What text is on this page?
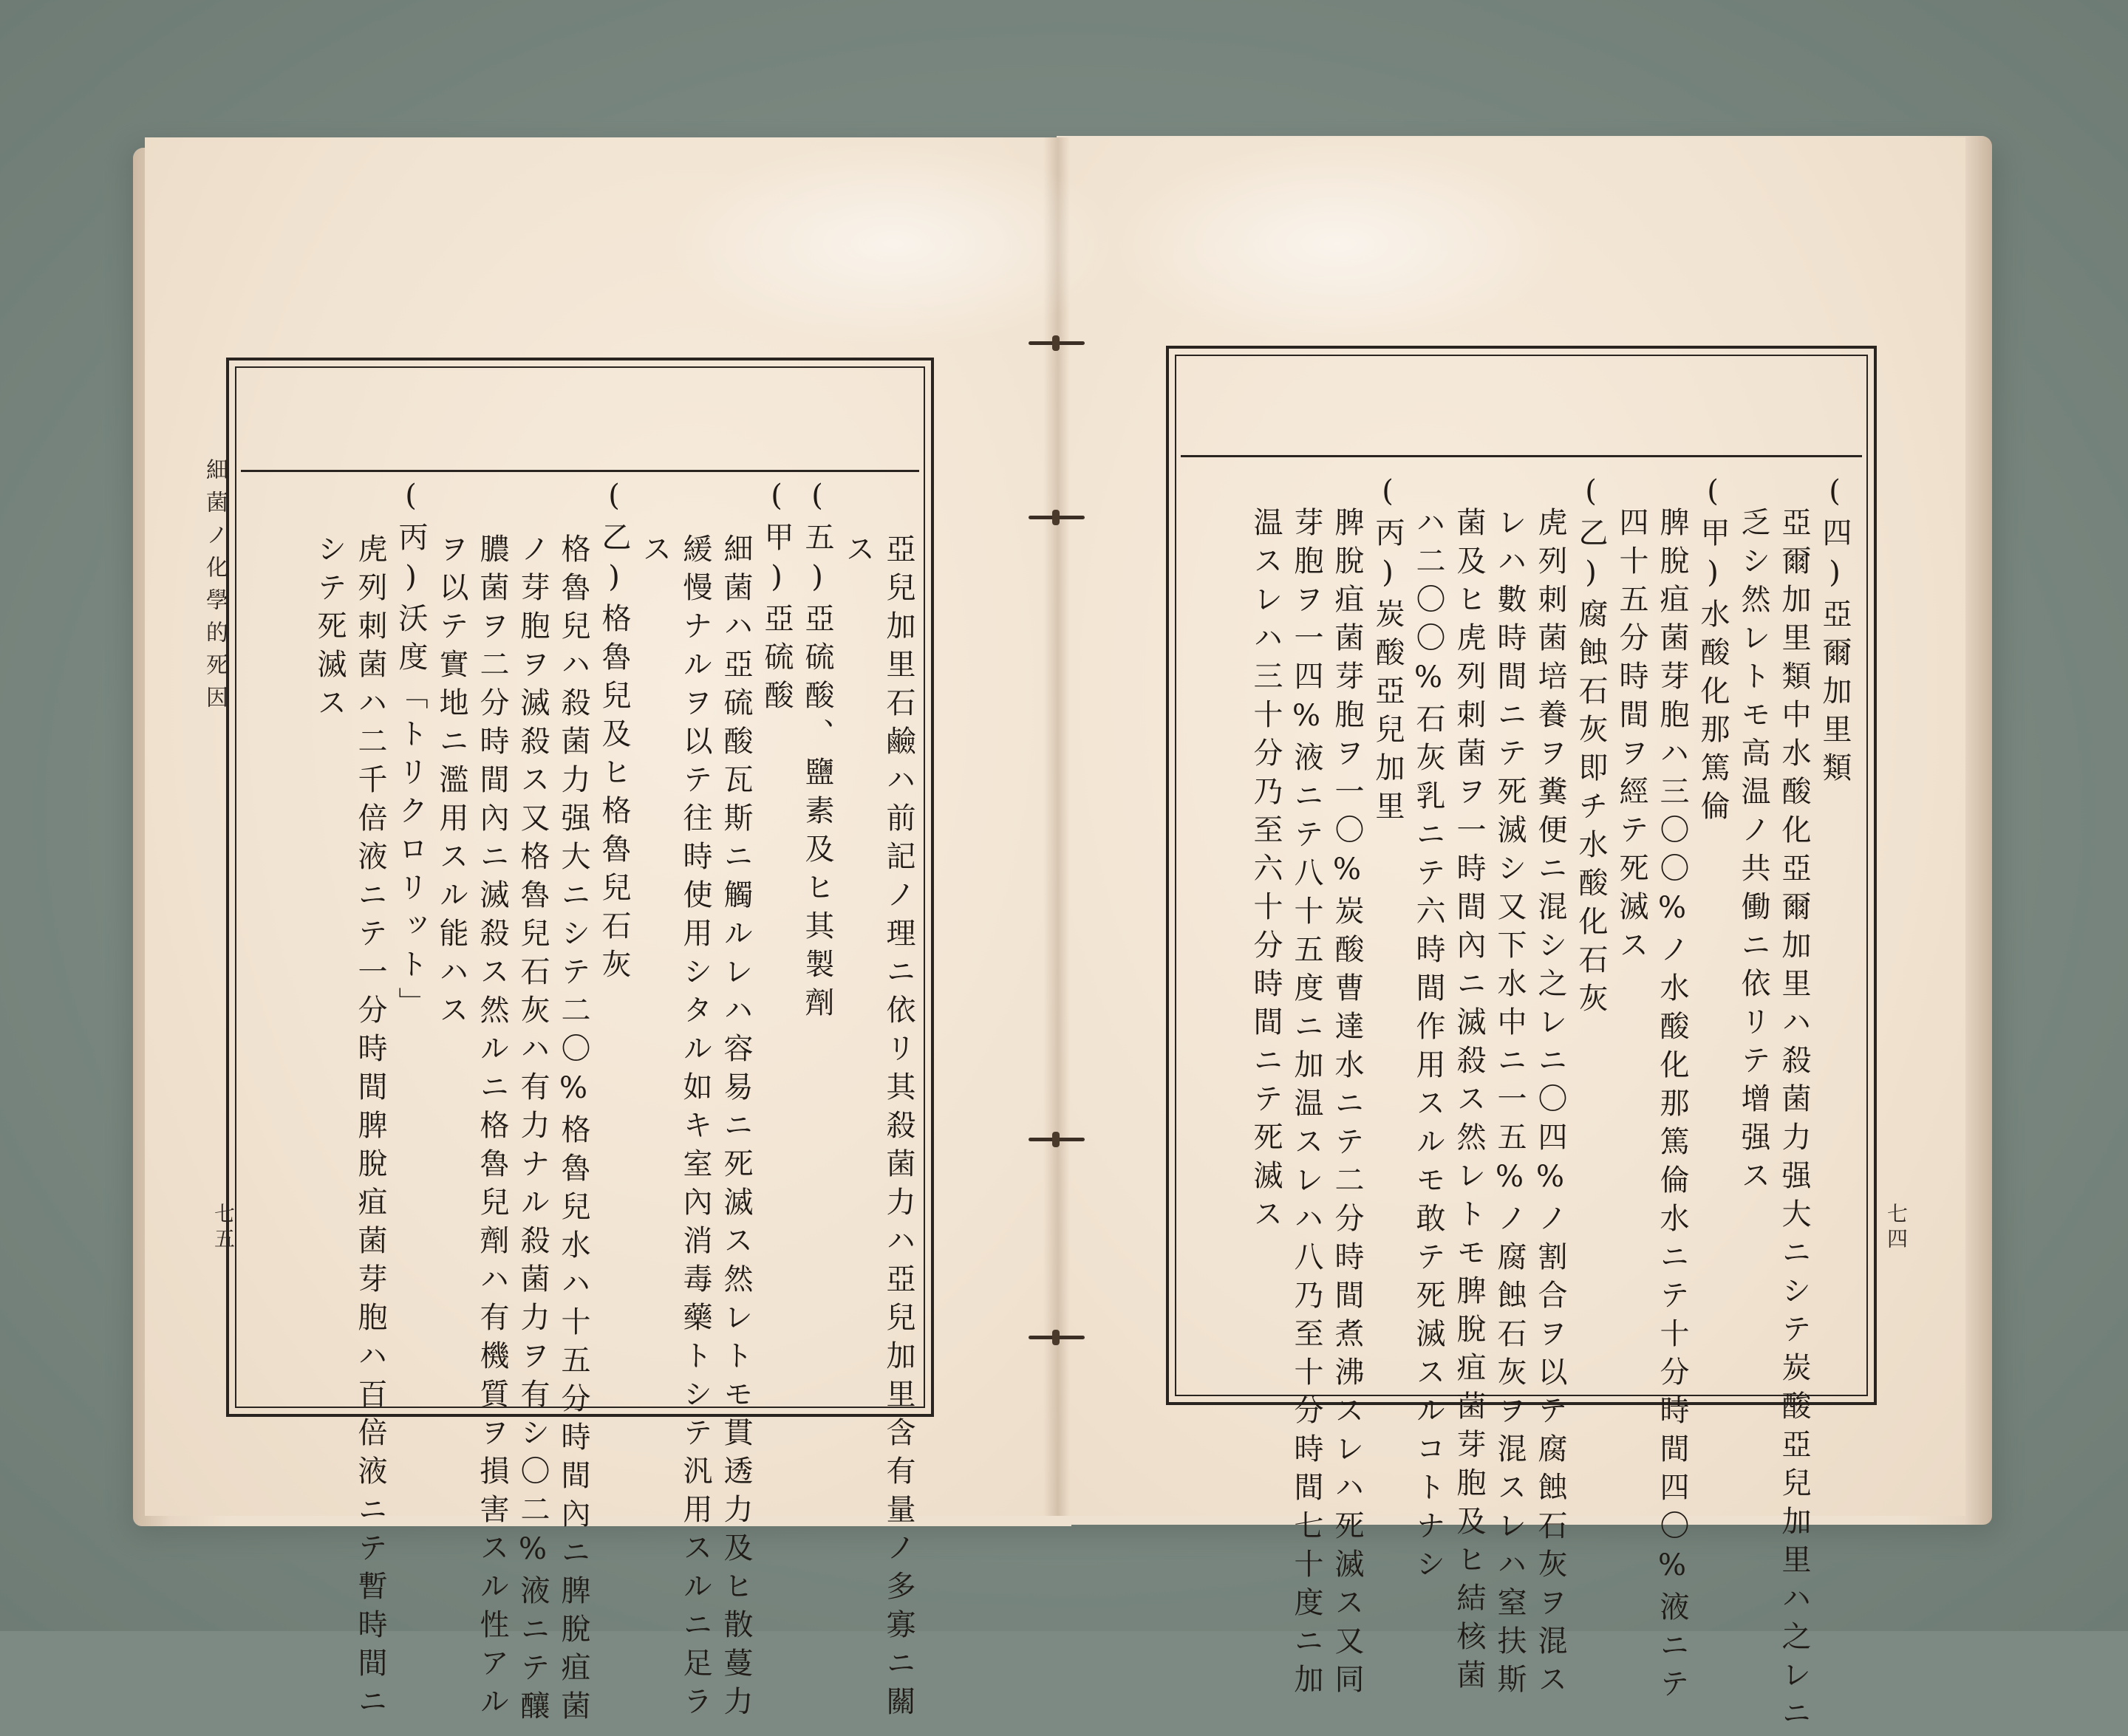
七四
(四)亞爾加里類
亞爾加里類中水酸化亞爾加里ハ殺菌力强大ニシテ炭酸亞兒加里ハ之レニ
乏シ然レトモ高温ノ共働ニ依リテ增强ス
(甲)水酸化那篤倫
脾脫疽菌芽胞ハ三〇〇%ノ水酸化那篤倫水ニテ十分時間四〇%液ニテ
四十五分時間ヲ經テ死滅ス
(乙)腐蝕石灰即チ水酸化石灰
虎列刺菌培養ヲ糞便ニ混シ之レニ〇四%ノ割合ヲ以テ腐蝕石灰ヲ混ス
レハ數時間ニテ死滅シ又下水中ニ一五%ノ腐蝕石灰ヲ混スレハ窒扶斯
菌及ヒ虎列刺菌ヲ一時間內ニ滅殺ス然レトモ脾脫疽菌芽胞及ヒ結核菌
ハ二〇〇%石灰乳ニテ六時間作用スルモ敢テ死滅スルコトナシ
(丙)炭酸亞兒加里
脾脫疽菌芽胞ヲ一〇%炭酸曹達水ニテ二分時間煮沸スレハ死滅ス又同
芽胞ヲ一四%液ニテ八十五度ニ加温スレハ八乃至十分時間七十度ニ加
温スレハ三十分乃至六十分時間ニテ死滅ス
細菌ノ化學的死因
七五	亞兒加里石鹼ハ前記ノ理ニ依リ其殺菌力ハ亞兒加里含有量ノ多寡ニ關
ス
(五)亞硫酸、鹽素及ヒ其製劑
(甲)亞硫酸
細菌ハ亞硫酸瓦斯ニ觸ルレハ容易ニ死滅ス然レトモ貫透力及ヒ散蔓力
緩慢ナルヲ以テ往時使用シタル如キ室內消毒藥トシテ汎用スルニ足ラ
ス
(乙)格魯兒及ヒ格魯兒石灰
格魯兒ハ殺菌力强大ニシテ二〇%格魯兒水ハ十五分時間內ニ脾脫疽菌
ノ芽胞ヲ滅殺ス又格魯兒石灰ハ有力ナル殺菌力ヲ有シ〇二%液ニテ釀
膿菌ヲ二分時間內ニ滅殺ス然ルニ格魯兒劑ハ有機質ヲ損害スル性アル
ヲ以テ實地ニ濫用スル能ハス
(丙)沃度「トリクロリット」
虎列刺菌ハ二千倍液ニテ一分時間脾脫疽菌芽胞ハ百倍液ニテ暫時間ニ
シテ死滅ス
